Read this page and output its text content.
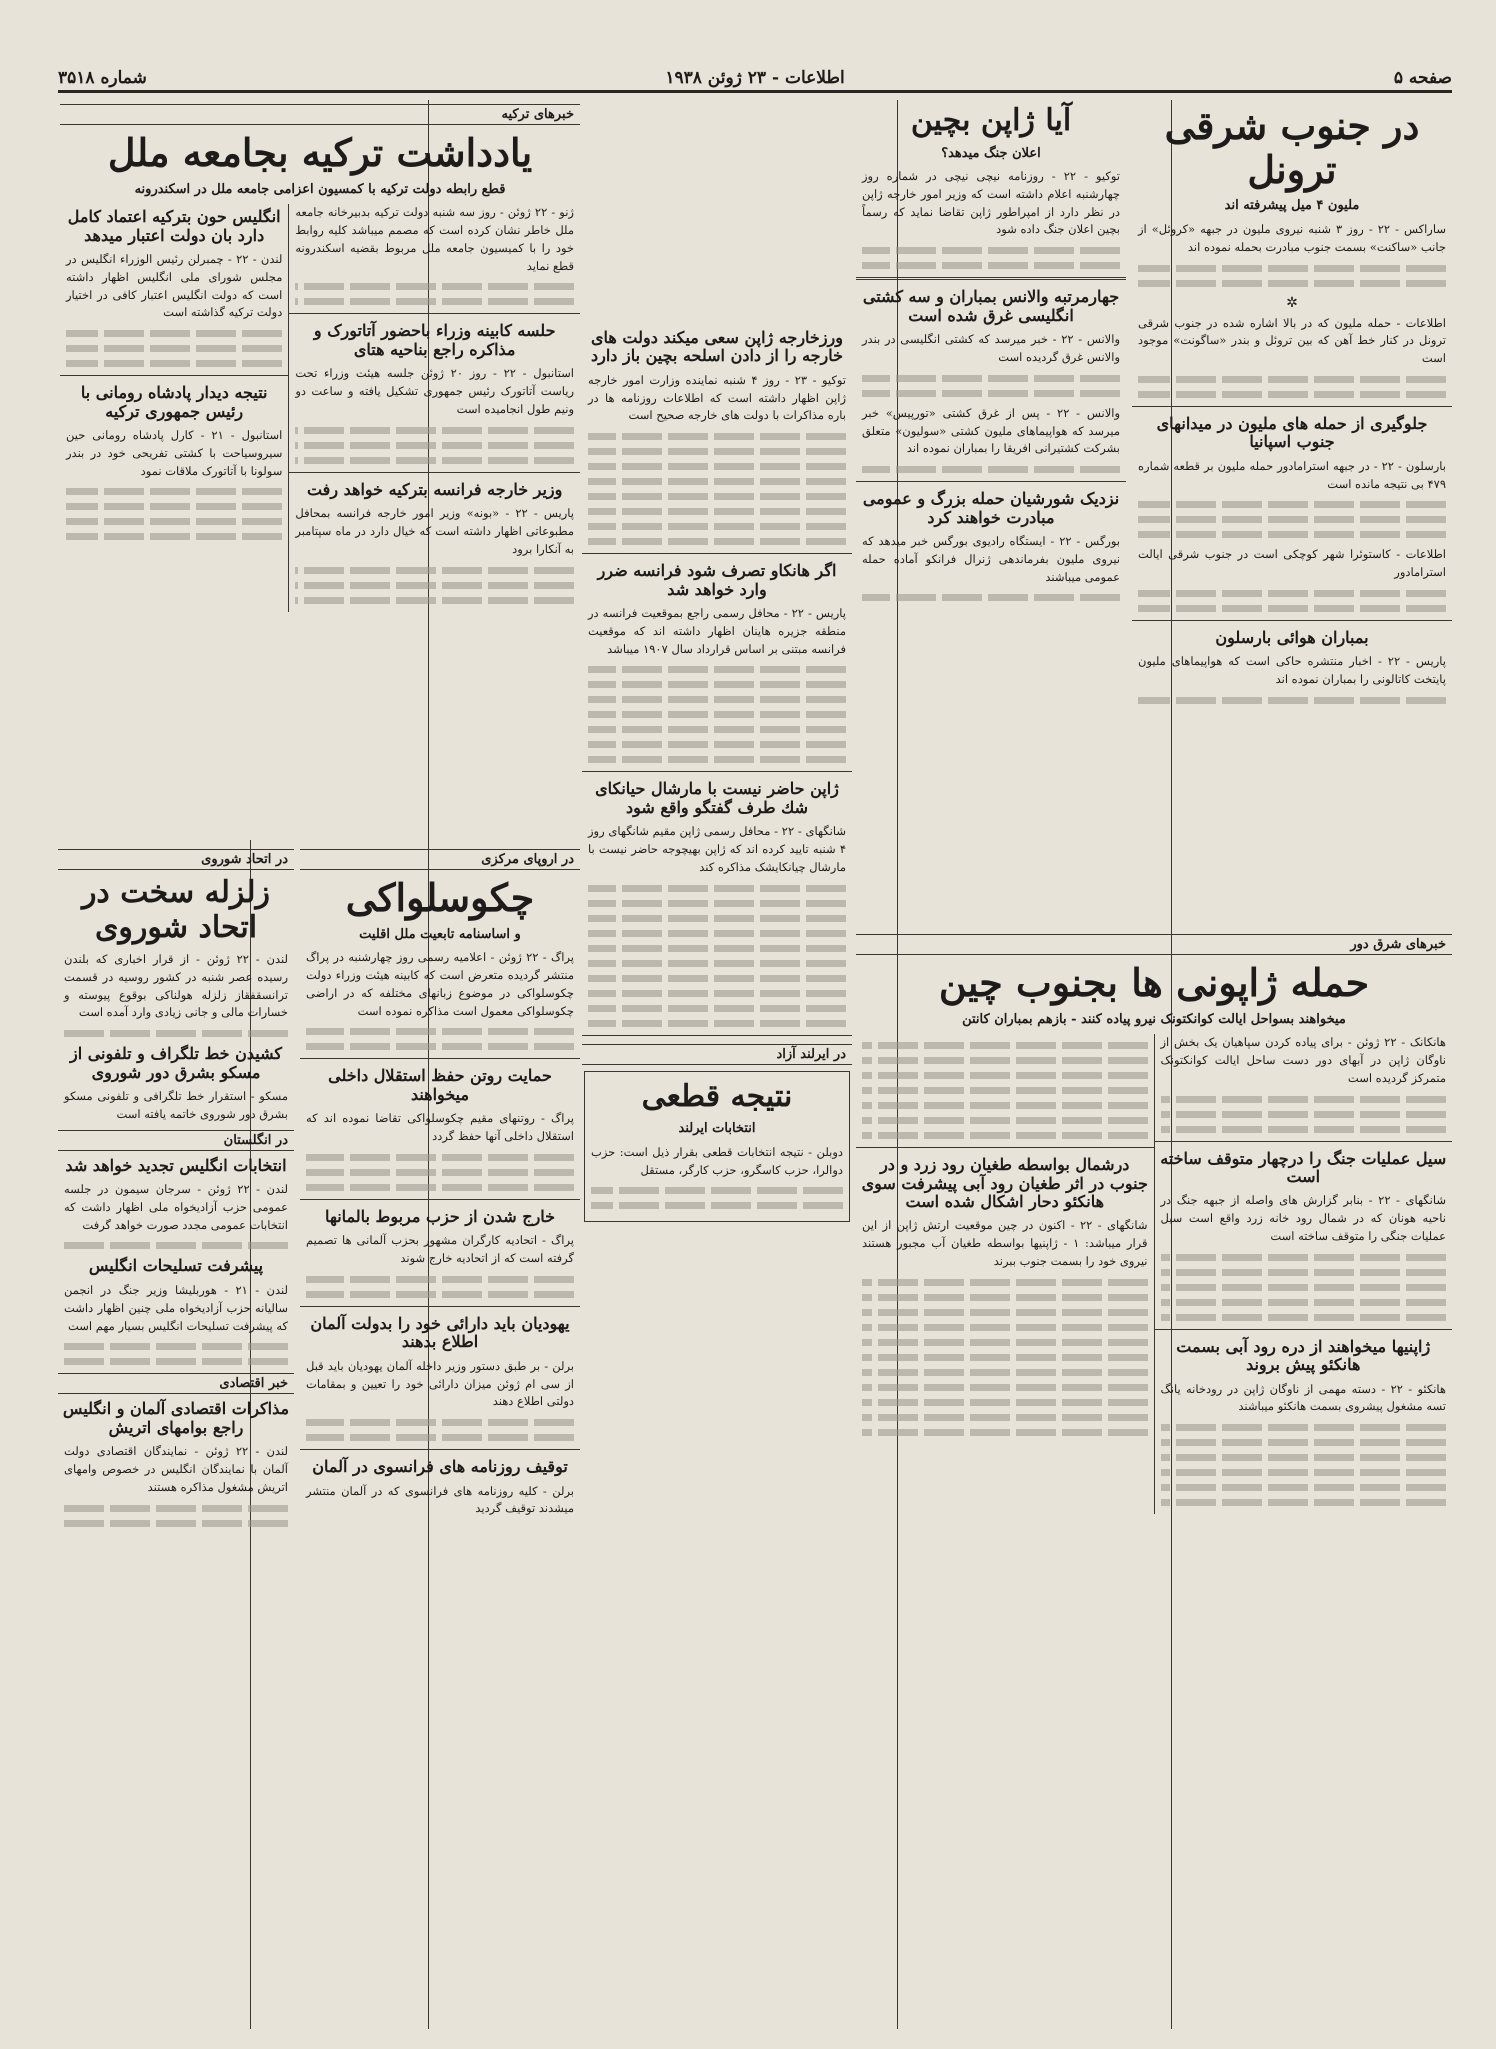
صفحه ۵
اطلاعات - ۲۳ ژوئن ۱۹۳۸
شماره ۳۵۱۸
در جنوب شرقی ترونل
ملیون ۴ میل پیشرفته اند

ساراکس - ۲۲ - روز ۳ شنبه نیروی ملیون در جبهه «کروئل» از جانب «ساکنت» بسمت جنوب مبادرت بحمله نموده اند

✲

اطلاعات - حمله ملیون که در بالا اشاره شده در جنوب شرقی ترونل در کنار خط آهن که بین تروئل و بندر «ساگونت» موجود است

جلوگیری از حمله های ملیون در میدانهای جنوب اسپانیا

بارسلون - ۲۲ - در جبهه استرامادور حمله ملیون بر قطعه شماره ۴۷۹ بی نتیجه مانده است

اطلاعات - کاستوئرا شهر کوچکی است در جنوب شرقی ایالت استرامادور

بمباران هوائی بارسلون

پاریس - ۲۲ - اخبار منتشره حاکی است که هواپیماهای ملیون پایتخت کاتالونی را بمباران نموده اند

آیا ژاپن بچین
اعلان جنگ میدهد؟

توکیو - ۲۲ - روزنامه نیچی نیچی در شماره روز چهارشنبه اعلام داشته است که وزیر امور خارجه ژاپن در نظر دارد از امپراطور ژاپن تقاضا نماید که رسماً بچین اعلان جنگ داده شود

جهارمرتبه والانس بمباران و سه کشتی انگلیسی غرق شده است

والانس - ۲۲ - خبر میرسد که کشتی انگلیسی در بندر والانس غرق گردیده است

والانس - ۲۲ - پس از غرق کشتی «تورپیس» خبر میرسد که هواپیماهای ملیون کشتی «سولیون» متعلق بشرکت کشتیرانی افریقا را بمباران نموده اند

نزدیک شورشیان حمله بزرگ و عمومی مبادرت خواهند کرد

بورگس - ۲۲ - ایستگاه رادیوی بورگس خبر میدهد که نیروی ملیون بفرماندهی ژنرال فرانکو آماده حمله عمومی میباشند

خبرهای شرق دور
حمله ژاپونی ها بجنوب چین
میخواهند بسواحل ایالت کوانکتونک نیرو پیاده کنند - بازهم بمباران کانتن

هانکانک - ۲۲ ژوئن - برای پیاده کردن سپاهیان یک بخش از ناوگان ژاپن در آبهای دور دست ساحل ایالت کوانکتونک متمرکز گردیده است

سیل عملیات جنگ را درچهار متوقف ساخته است

شانگهای - ۲۲ - بنابر گزارش های واصله از جبهه جنگ در ناحیه هونان که در شمال رود خانه زرد واقع است سیل عملیات جنگی را متوقف ساخته است

ژاپنیها میخواهند از دره رود آبی بسمت هانکئو پیش بروند

هانکئو - ۲۲ - دسته مهمی از ناوگان ژاپن در رودخانه یانگ تسه مشغول پیشروی بسمت هانکئو میباشند

درشمال بواسطه طغیان رود زرد و در جنوب در اثر طغیان رود آبی پیشرفت سوی هانکئو دحار اشکال شده است

شانگهای - ۲۲ - اکنون در چین موقعیت ارتش ژاپن از این قرار میباشد: ۱ - ژاپنیها بواسطه طغیان آب مجبور هستند نیروی خود را بسمت جنوب ببرند

ورزخارجه ژاپن سعی میکند دولت های خارجه را از دادن اسلحه بچین باز دارد

توکیو - ۲۳ - روز ۴ شنبه نماینده وزارت امور خارجه ژاپن اظهار داشته است که اطلاعات روزنامه ها در باره مذاکرات با دولت های خارجه صحیح است

اگر هانکاو تصرف شود فرانسه ضرر وارد خواهد شد

پاریس - ۲۲ - محافل رسمی راجع بموقعیت فرانسه در منطقه جزیره هاینان اظهار داشته اند که موقعیت فرانسه مبتنی بر اساس قرارداد سال ۱۹۰۷ میباشد

ژاپن حاضر نیست با مارشال حیانکای شك طرف گفتگو واقع شود

شانگهای - ۲۲ - محافل رسمی ژاپن مقیم شانگهای روز ۴ شنبه تایید کرده اند که ژاپن بهیچوجه حاضر نیست با مارشال چیانکایشک مذاکره کند

در ایرلند آزاد
نتیجه قطعی
انتخابات ایرلند

دوبلن - نتیجه انتخابات قطعی بقرار ذیل است: حزب دوالرا، حزب کاسگرو، حزب کارگر، مستقل

خبرهای ترکیه
یادداشت ترکیه بجامعه ملل
قطع رابطه دولت ترکیه با کمسیون اعزامی جامعه ملل در اسکندرونه

ژنو - ۲۲ ژوئن - روز سه شنبه دولت ترکیه بدبیرخانه جامعه ملل خاطر نشان کرده است که مصمم میباشد کلیه روابط خود را با کمیسیون جامعه ملل مربوط بقضیه اسکندرونه قطع نماید

حلسه کابینه وزراء باحضور آتاتورک و مذاکره راجع بناحیه هتای

استانبول - ۲۲ - روز ۲۰ ژوئن جلسه هیئت وزراء تحت ریاست آتاتورک رئیس جمهوری تشکیل یافته و ساعت دو ونیم طول انجامیده است

وزیر خارجه فرانسه بترکیه خواهد رفت

پاریس - ۲۲ - «بونه» وزیر امور خارجه فرانسه بمحافل مطبوعاتی اظهار داشته است که خیال دارد در ماه سپتامبر به آنکارا برود

انگلیس حون بترکیه اعتماد کامل دارد بان دولت اعتبار میدهد

لندن - ۲۲ - چمبرلن رئیس الوزراء انگلیس در مجلس شورای ملی انگلیس اظهار داشته است که دولت انگلیس اعتبار کافی در اختیار دولت ترکیه گذاشته است

نتیجه دیدار پادشاه رومانی با رئیس جمهوری ترکیه

استانبول - ۲۱ - کارل پادشاه رومانی حین سیروسیاحت با کشتی تفریحی خود در بندر سولونا با آتاتورک ملاقات نمود

در اروپای مرکزی
چکوسلواکی
و اساسنامه تابعیت ملل اقلیت

پراگ - ۲۲ ژوئن - اعلامیه رسمی روز چهارشنبه در پراگ منتشر گردیده متعرض است که کابینه هیئت وزراء دولت چکوسلواکی در موضوع زبانهای مختلفه که در اراضی چکوسلواکی معمول است مذاکره نموده است

حمایت روتن حفظ استقلال داخلی میخواهند

پراگ - روتنهای مقیم چکوسلواکی تقاضا نموده اند که استقلال داخلی آنها حفظ گردد

خارج شدن از حزب مربوط بالمانها

پراگ - اتحادیه کارگران مشهور بحزب آلمانی ها تصمیم گرفته است که از اتحادیه خارج شوند

یهودیان باید دارائی خود را بدولت آلمان اطلاع بدهند

برلن - بر طبق دستور وزیر داخله آلمان یهودیان باید قبل از سی ام ژوئن میزان دارائی خود را تعیین و بمقامات دولتی اطلاع دهند

توقیف روزنامه های فرانسوی در آلمان

برلن - کلیه روزنامه های فرانسوی که در آلمان منتشر میشدند توقیف گردید

در اتحاد شوروی
زلزله سخت در اتحاد شوروی

لندن - ۲۲ ژوئن - از قرار اخباری که بلندن رسیده عصر شنبه در کشور روسیه در قسمت ترانسقفقاز زلزله هولناکی بوقوع پیوسته و خسارات مالی و جانی زیادی وارد آمده است

کشیدن خط تلگراف و تلفونی از مسکو بشرق دور شوروی

مسکو - استقرار خط تلگرافی و تلفونی مسکو بشرق دور شوروی خاتمه یافته است

در انگلستان
انتخابات انگلیس تجدید خواهد شد

لندن - ۲۲ ژوئن - سرجان سیمون در جلسه عمومی حزب آزادیخواه ملی اظهار داشت که انتخابات عمومی مجدد صورت خواهد گرفت

پیشرفت تسلیحات انگلیس

لندن - ۲۱ - هوربلیشا وزیر جنگ در انجمن سالیانه حزب آزادیخواه ملی چنین اظهار داشت که پیشرفت تسلیحات انگلیس بسیار مهم است

خبر اقتصادی
مذاکرات اقتصادی آلمان و انگلیس راجع بوامهای اتریش

لندن - ۲۲ ژوئن - نمایندگان اقتصادی دولت آلمان با نمایندگان انگلیس در خصوص وامهای اتریش مشغول مذاکره هستند
